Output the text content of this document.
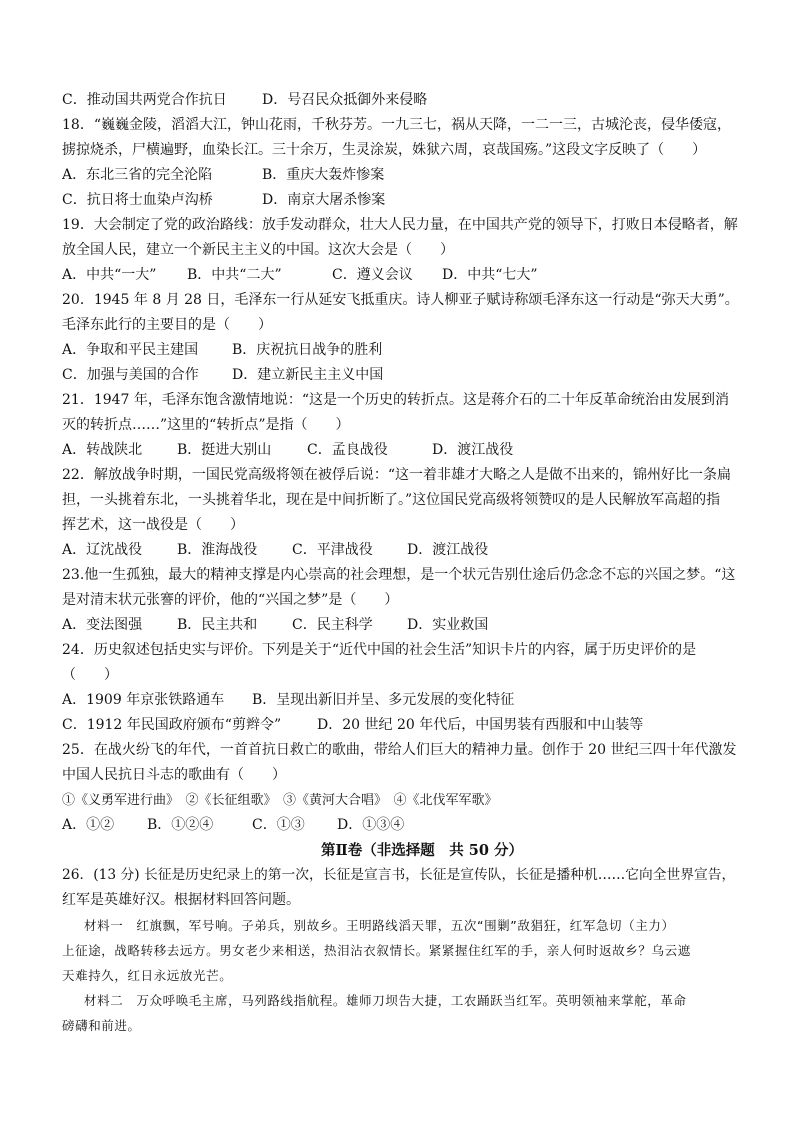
C．推动国共两党合作抗日	D．号召民众抵御外来侵略
18．“巍巍金陵，滔滔大江，钟山花雨，千秋芬芳。一九三七，祸从天降，一二一三，古城沦丧，侵华倭寇，
掳掠烧杀，尸横遍野，血染长江。三十余万，生灵涂炭，姝狱六周，哀哉国殇。”这段文字反映了（　　）
A．东北三省的完全沦陷	B．重庆大轰炸惨案
C．抗日将士血染卢沟桥	D．南京大屠杀惨案
19．大会制定了党的政治路线：放手发动群众，壮大人民力量，在中国共产党的领导下，打败日本侵略者，解
放全国人民，建立一个新民主主义的中国。这次大会是（　　）
A．中共“一大” B．中共“二大”	C．遵义会议 D．中共“七大”
20．1945 年 8 月 28 日，毛泽东一行从延安飞抵重庆。诗人柳亚子赋诗称颂毛泽东这一行动是“弥天大勇”。
毛泽东此行的主要目的是（　　）
A．争取和平民主建国 B．庆祝抗日战争的胜利
C．加强与美国的合作 D．建立新民主主义中国
21．1947 年，毛泽东饱含激情地说：“这是一个历史的转折点。这是蒋介石的二十年反革命统治由发展到消
灭的转折点……”这里的“转折点”是指（　　）
A．转战陕北 B．挺进大别山	C．孟良战役	D．渡江战役
22．解放战争时期，一国民党高级将领在被俘后说：“这一着非雄才大略之人是做不出来的，锦州好比一条扁
担，一头挑着东北，一头挑着华北，现在是中间折断了。”这位国民党高级将领赞叹的是人民解放军高超的指
挥艺术，这一战役是（　　）
A．辽沈战役 B．淮海战役 C．平津战役 D．渡江战役
23.他一生孤独，最大的精神支撑是内心崇高的社会理想，是一个状元告别仕途后仍念念不忘的兴国之梦。“这
是对清末状元张謇的评价，他的“兴国之梦”是（　　）
A．变法图强 B．民主共和 C．民主科学 D．实业救国
24．历史叙述包括史实与评价。下列是关于“近代中国的社会生活”知识卡片的内容，属于历史评价的是
（　　）
A．1909 年京张铁路通车 B．呈现出新旧并呈、多元发展的变化特征
C．1912 年民国政府颁布“剪辫令”	D．20 世纪 20 年代后，中国男装有西服和中山装等
25．在战火纷飞的年代，一首首抗日救亡的歌曲，带给人们巨大的精神力量。创作于 20 世纪三四十年代激发
中国人民抗日斗志的歌曲有（　　）
①《义勇军进行曲》　②《长征组歌》　③《黄河大合唱》　④《北伐军军歌》
A．①② B．①②④	C．①③ D．①③④
第Ⅱ卷（非选择题　共 50 分）
26．(13 分) 长征是历史纪录上的第一次，长征是宣言书，长征是宣传队，长征是播种机……它向全世界宣告，
红军是英雄好汉。根据材料回答问题。
材料一　红旗飘，军号响。子弟兵，别故乡。王明路线滔天罪，五次“围剿”敌猖狂，红军急切（主力）
上征途，战略转移去远方。男女老少来相送，热泪沾衣叙情长。紧紧握住红军的手，亲人何时返故乡？乌云遮
天难持久，红日永远放光芒。
材料二　万众呼唤毛主席，马列路线指航程。雄师刀坝告大捷，工农踊跃当红军。英明领袖来掌舵，革命
磅礴和前进。
